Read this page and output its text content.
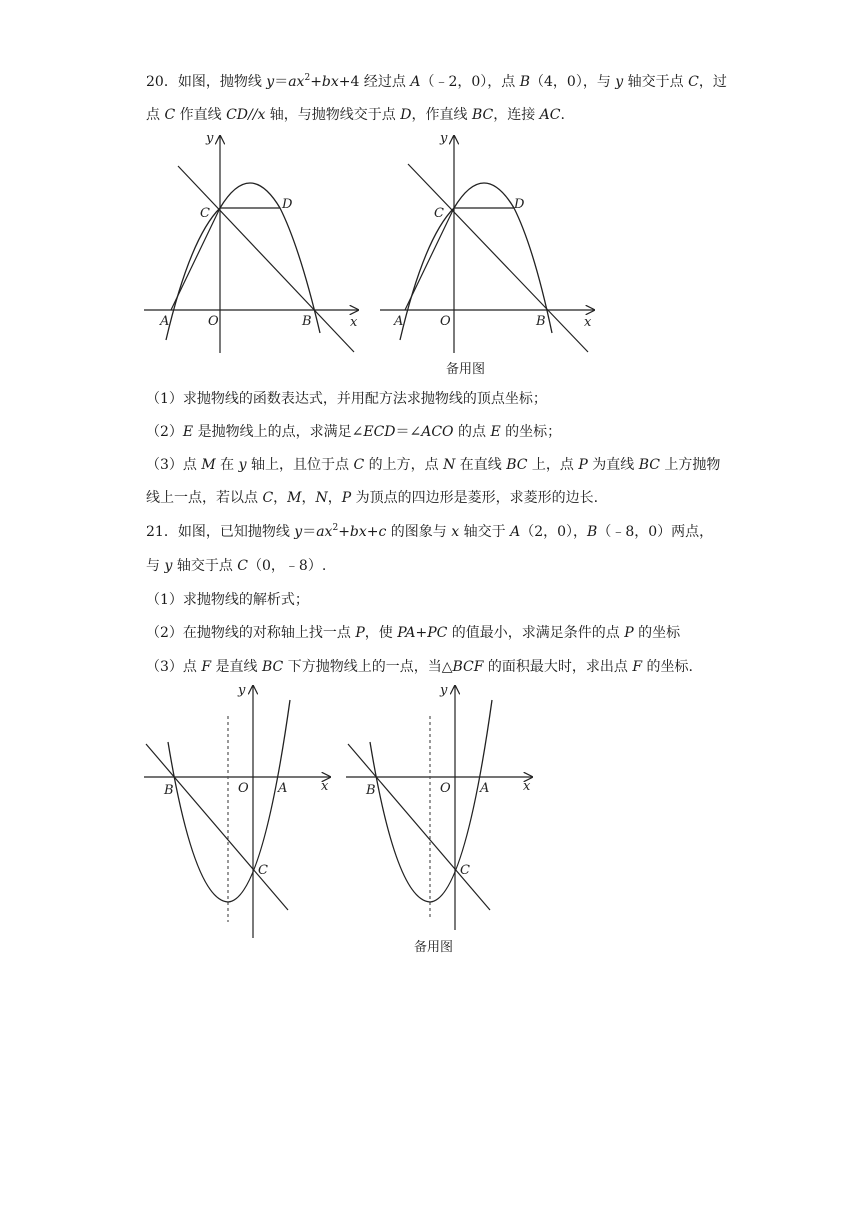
20．如图，抛物线 $y=ax^2+bx+4$ 经过点 A（﹣2，0），点 B（4，0），与 y 轴交于点 C，过
点 C 作直线 CD//x 轴，与抛物线交于点 D，作直线 BC，连接 AC.
y
x
A	O	B
C
D
y
x
A	O	B
C
D
备用图
（1）求抛物线的函数表达式，并用配方法求抛物线的顶点坐标；
（2）E 是抛物线上的点，求满足∠ECD＝∠ACO 的点 E 的坐标；
（3）点 M 在 y 轴上，且位于点 C 的上方，点 N 在直线 BC 上，点 P 为直线 BC 上方抛物
线上一点，若以点 C，M，N，P 为顶点的四边形是菱形，求菱形的边长.
21．如图，已知抛物线 $y=ax^2+bx+c$ 的图象与 x 轴交于 A（2，0），B（﹣8，0）两点，
与 y 轴交于点 C（0，﹣8）.
（1）求抛物线的解析式；
（2）在抛物线的对称轴上找一点 P，使 PA+PC 的值最小，求满足条件的点 P 的坐标
（3）点 F 是直线 BC 下方抛物线上的一点，当△BCF 的面积最大时，求出点 F 的坐标.
y
x
B	O A
C
y
x
B	O A
C
备用图
